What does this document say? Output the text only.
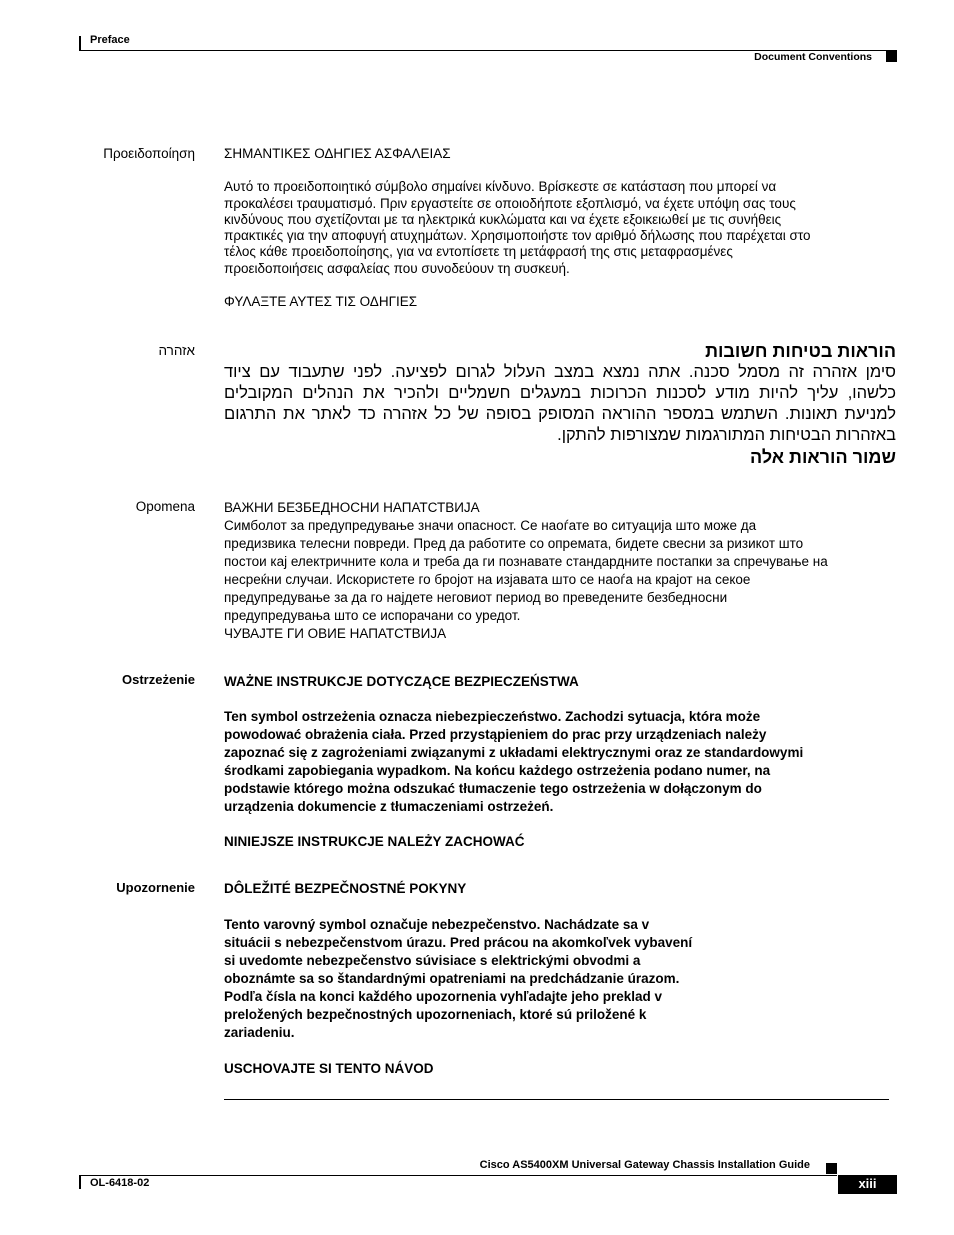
Preface
Document Conventions
Προειδοποίηση ΣΗΜΑΝΤΙΚΕΣ ΟΔΗΓΙΕΣ ΑΣΦΑΛΕΙΑΣ

Αυτό το προειδοποιητικό σύμβολο σημαίνει κίνδυνο. Βρίσκεστε σε κατάσταση που μπορεί να
προκαλέσει τραυματισμό. Πριν εργαστείτε σε οποιοδήποτε εξοπλισμό, να έχετε υπόψη σας τους
κινδύνους που σχετίζονται με τα ηλεκτρικά κυκλώματα και να έχετε εξοικειωθεί με τις συνήθεις
πρακτικές για την αποφυγή ατυχημάτων. Χρησιμοποιήστε τον αριθμό δήλωσης που παρέχεται στο
τέλος κάθε προειδοποίησης, για να εντοπίσετε τη μετάφρασή της στις μεταφρασμένες
προειδοποιήσεις ασφαλείας που συνοδεύουν τη συσκευή.

ΦΥΛΑΞΤΕ ΑΥΤΕΣ ΤΙΣ ΟΔΗΓΙΕΣ

אזהרה	הוראות בטיחות חשובות
סימן אזהרה זה מסמל סכנה. אתה נמצא במצב העלול לגרום לפציעה. לפני שתעבוד עם ציוד
כלשהו, עליך להיות מודע לסכנות הכרוכות במעגלים חשמליים ולהכיר את הנהלים המקובלים
למניעת תאונות. השתמש במספר ההוראה המסופק בסופה של כל אזהרה כד לאתר את התרגום
באזהרות הבטיחות המתורגמות שמצורפות להתקן.
שמור הוראות אלה
Opomena ВАЖНИ БЕЗБЕДНОСНИ НАПАТСТВИЈА

Симболот за предупредување значи опасност. Се наоѓате во ситуација што може да
предизвика телесни повреди. Пред да работите со опремата, бидете свесни за ризикот што
постои кај електричните кола и треба да ги познавате стандардните постапки за спречување на
несреќни случаи. Искористете го бројот на изјавата што се наоѓа на крајот на секое
предупредување за да го најдете неговиот период во преведените безбедносни
предупредувања што се испорачани со уредот.

ЧУВАЈТЕ ГИ ОВИЕ НАПАТСТВИЈА

Ostrzeżenie WAŻNE INSTRUKCJE DOTYCZĄCE BEZPIECZEŃSTWA

Ten symbol ostrzeżenia oznacza niebezpieczeństwo. Zachodzi sytuacja, która może
powodować obrażenia ciała. Przed przystąpieniem do prac przy urządzeniach należy
zapoznać się z zagrożeniami związanymi z układami elektrycznymi oraz ze standardowymi
środkami zapobiegania wypadkom. Na końcu każdego ostrzeżenia podano numer, na
podstawie którego można odszukać tłumaczenie tego ostrzeżenia w dołączonym do
urządzenia dokumencie z tłumaczeniami ostrzeżeń.

NINIEJSZE INSTRUKCJE NALEŻY ZACHOWAĆ

Upozornenie DÔLEŽITÉ BEZPEČNOSTNÉ POKYNY

Tento varovný symbol označuje nebezpečenstvo. Nachádzate sa v
situácii s nebezpečenstvom úrazu. Pred prácou na akomkoľvek vybavení
si uvedomte nebezpečenstvo súvisiace s elektrickými obvodmi a
oboznámte sa so štandardnými opatreniami na predchádzanie úrazom.
Podľa čísla na konci každého upozornenia vyhľadajte jeho preklad v
preložených bezpečnostných upozorneniach, ktoré sú priložené k
zariadeniu.

USCHOVAJTE SI TENTO NÁVOD

Cisco AS5400XM Universal Gateway Chassis Installation Guide
OL-6418-02	xiii
